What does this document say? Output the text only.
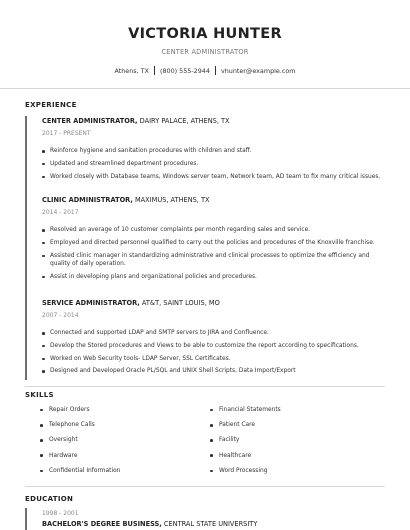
VICTORIA HUNTER
CENTER ADMINISTRATOR
Athens, TX (800) 555-2944 vhunter@example.com
EXPERIENCE
CENTER ADMINISTRATOR, DAIRY PALACE, ATHENS, TX
2017 - PRESENT
Reinforce hygiene and sanitation procedures with children and staff.
Updated and streamlined department procedures.
Worked closely with Database teams, Windows server team, Network team, AD team to fix many critical issues.
CLINIC ADMINISTRATOR, MAXIMUS, ATHENS, TX
2014 - 2017
Resolved an average of 10 customer complaints per month regarding sales and service.
Employed and directed personnel qualified to carry out the policies and procedures of the Knoxville franchise.
Assisted clinic manager in standardizing administrative and clinical processes to optimize the efficiency and quality of daily operation.
Assist in developing plans and organizational policies and procedures.
SERVICE ADMINISTRATOR, AT&T, SAINT LOUIS, MO
2007 - 2014
Connected and supported LDAP and SMTP servers to JIRA and Confluence.
Develop the Stored procedures and Views to be able to customize the report according to specifications.
Worked on Web Security tools- LDAP Server, SSL Certificates.
Designed and Developed Oracle PL/SQL and UNIX Shell Scripts, Data Import/Export
SKILLS
Repair Orders
Telephone Calls
Oversight
Hardware
Confidential Information
Financial Statements
Patient Care
Facility
Healthcare
Word Processing
EDUCATION
1998 - 2001
BACHELOR'S DEGREE BUSINESS, CENTRAL STATE UNIVERSITY
